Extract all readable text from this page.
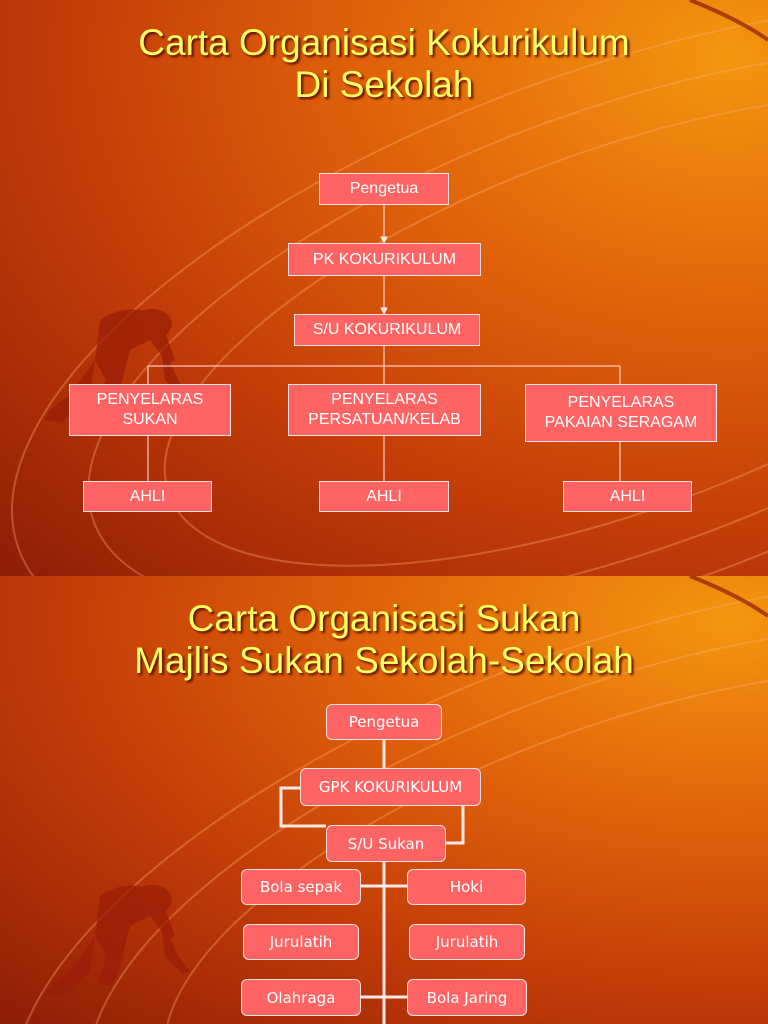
Carta Organisasi Kokurikulum
Di Sekolah
Pengetua
PK KOKURIKULUM
S/U KOKURIKULUM
PENYELARAS
SUKAN
PENYELARAS
PERSATUAN/KELAB
PENYELARAS
PAKAIAN SERAGAM
AHLI	AHLI	AHLI
Carta Organisasi Sukan
Majlis Sukan Sekolah-Sekolah
Pengetua
GPK KOKURIKULUM
S/U Sukan
Bola sepak	Hoki
Jurulatih	Jurulatih
Olahraga	Bola Jaring
